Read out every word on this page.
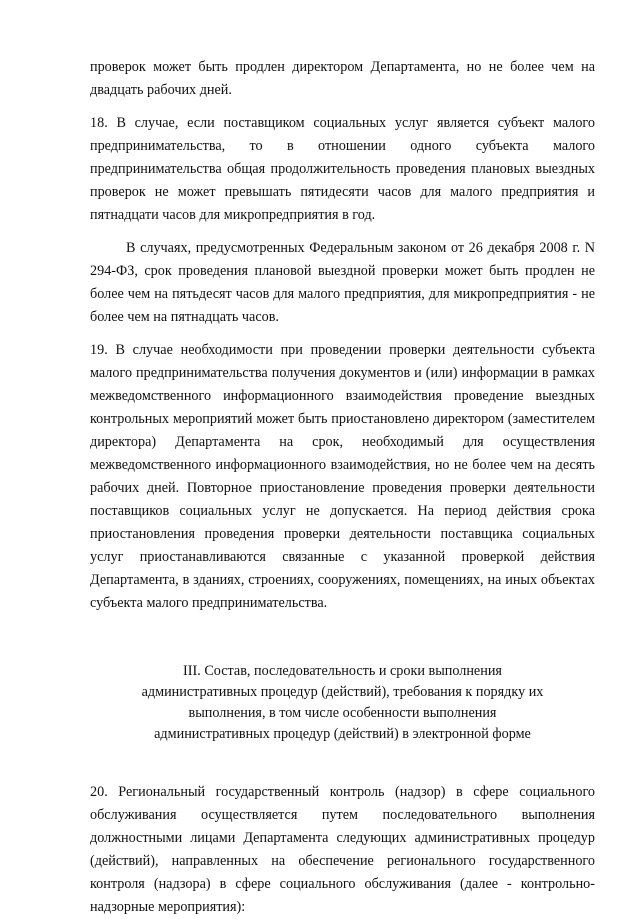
проверок может быть продлен директором Департамента, но не более чем на двадцать рабочих дней.

18. В случае, если поставщиком социальных услуг является субъект малого предпринимательства, то в отношении одного субъекта малого предпринимательства общая продолжительность проведения плановых выездных проверок не может превышать пятидесяти часов для малого предприятия и пятнадцати часов для микропредприятия в год.

В случаях, предусмотренных Федеральным законом от 26 декабря 2008 г. N 294-ФЗ, срок проведения плановой выездной проверки может быть продлен не более чем на пятьдесят часов для малого предприятия, для микропредприятия - не более чем на пятнадцать часов.

19. В случае необходимости при проведении проверки деятельности субъекта малого предпринимательства получения документов и (или) информации в рамках межведомственного информационного взаимодействия проведение выездных контрольных мероприятий может быть приостановлено директором (заместителем директора) Департамента на срок, необходимый для осуществления межведомственного информационного взаимодействия, но не более чем на десять рабочих дней. Повторное приостановление проведения проверки деятельности поставщиков социальных услуг не допускается. На период действия срока приостановления проведения проверки деятельности поставщика социальных услуг приостанавливаются связанные с указанной проверкой действия Департамента, в зданиях, строениях, сооружениях, помещениях, на иных объектах субъекта малого предпринимательства.

III. Состав, последовательность и сроки выполнения административных процедур (действий), требования к порядку их выполнения, в том числе особенности выполнения административных процедур (действий) в электронной форме

20. Региональный государственный контроль (надзор) в сфере социального обслуживания осуществляется путем последовательного выполнения должностными лицами Департамента следующих административных процедур (действий), направленных на обеспечение регионального государственного контроля (надзора) в сфере социального обслуживания (далее - контрольно-надзорные мероприятия):
